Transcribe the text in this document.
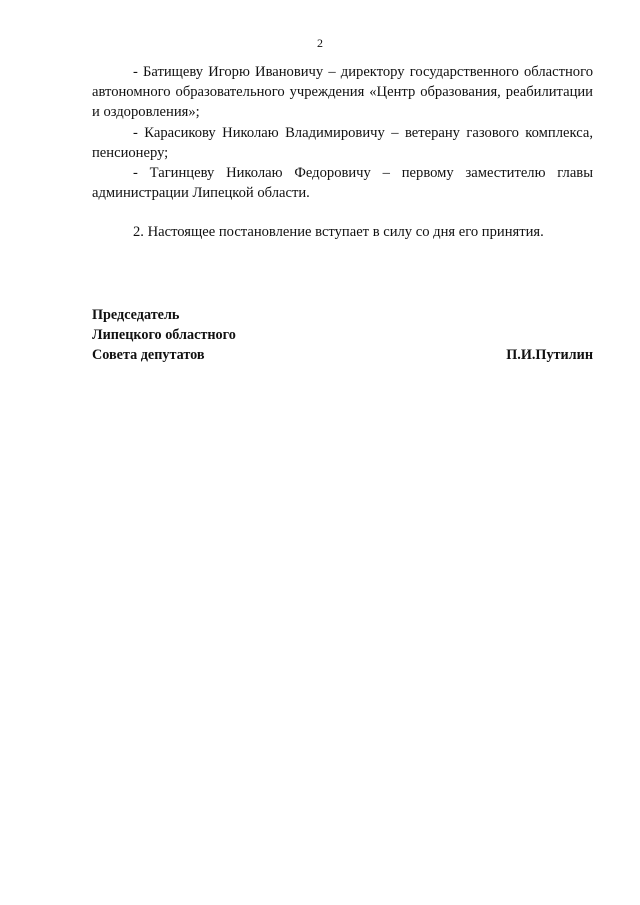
2

- Батищеву Игорю Ивановичу – директору государственного областного автономного образовательного учреждения «Центр образования, реабилитации и оздоровления»;

- Карасикову Николаю Владимировичу – ветерану газового комплекса, пенсионеру;

- Тагинцеву Николаю Федоровичу – первому заместителю главы администрации Липецкой области.

2. Настоящее постановление вступает в силу со дня его принятия.

Председатель
Липецкого областного
Совета депутатов	П.И.Путилин
